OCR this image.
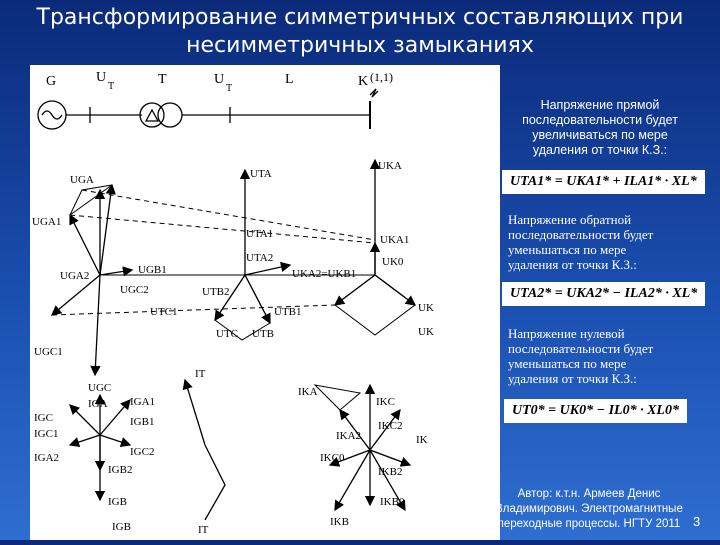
Трансформирование симметричных составляющих при
несимметричных замыканиях
G	U
T	T	U
T
L	K (1,1)
UGA	UTA
UKA
UGA1
UTA1	UKA1
UGA2
UTA2
UKA2=UKB1
UGC2
UGB1
UTB2
UGC1
UGC
UTC1	UTB1
UTC UTB
UK0
UK
UK
IGA IGA1
IGC	IGB1
IGC1
IGC2
IGA2
IGB2
IGB
IGB
IT
IT
IKA
IKC
IKC2
IKA2	IK
IKC0
IKB2
IKB0
IKB
Напряжение прямой
последовательности будет
увеличиваться по мере
удаления от точки К.З.:
UTA1* = UKA1* + ILA1* · XL*
Напряжение обратной
последовательности будет
уменьшаться по мере
удаления от точки К.З.:
UTA2* = UKA2* − ILA2* · XL*
Напряжение нулевой
последовательности будет
уменьшаться по мере
удаления от точки К.З.:
UT0* = UK0* − IL0* · XL0*
Автор: к.т.н. Армеев Денис
Владимирович. Электромагнитные
переходные процессы. НГТУ 2011 3
